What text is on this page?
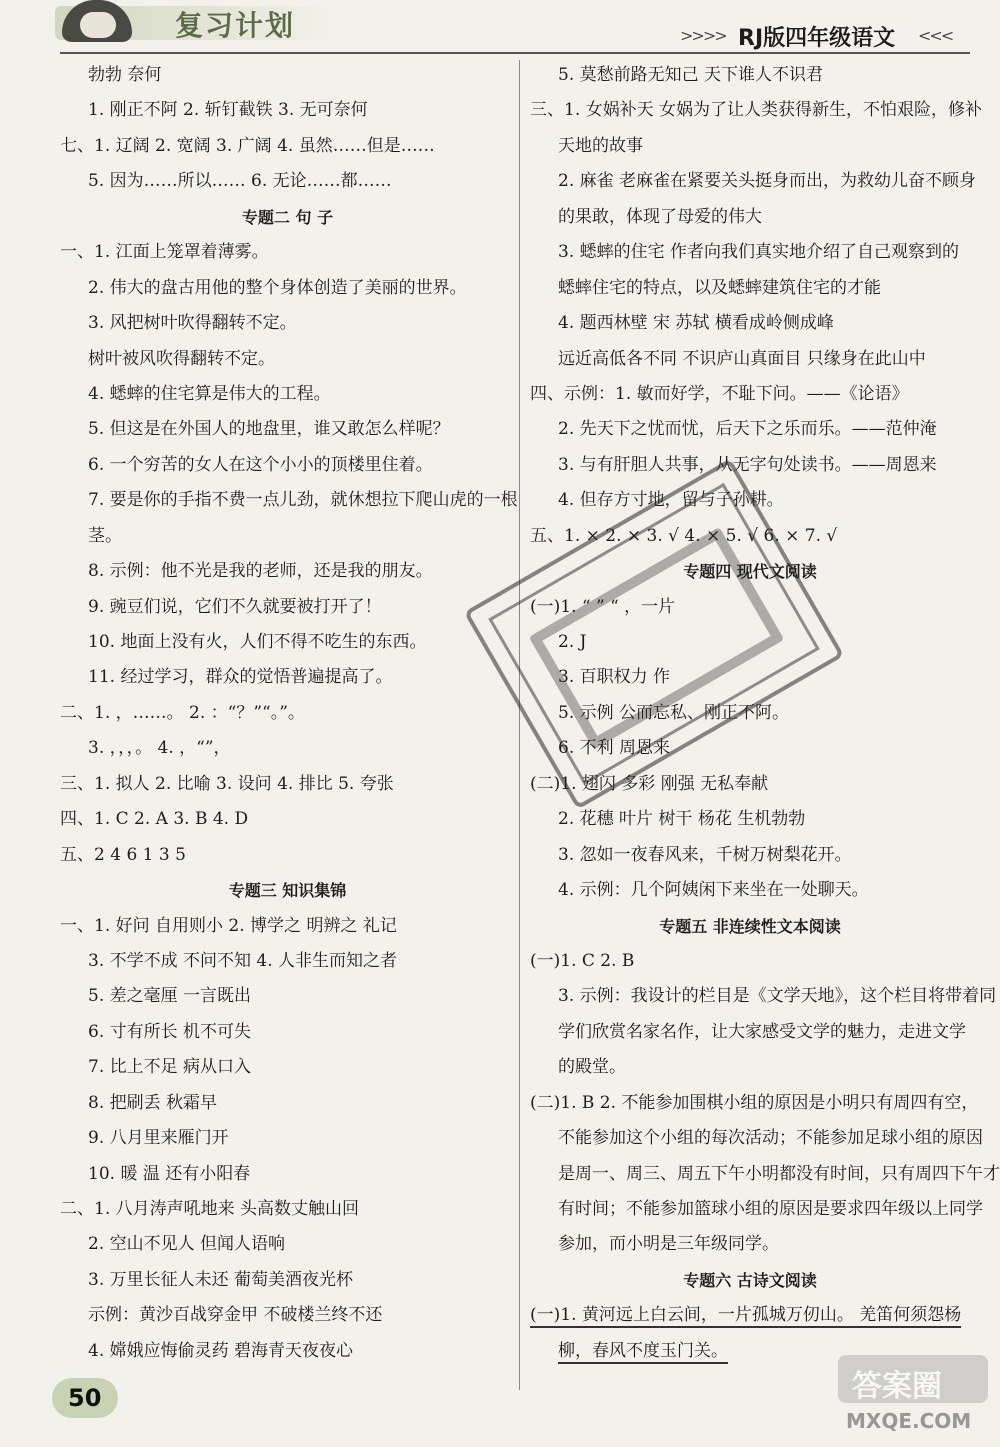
复习计划	>>>> RJ版四年级语文 <<<
勃勃 奈何
1. 刚正不阿 2. 斩钉截铁 3. 无可奈何
七、1. 辽阔 2. 宽阔 3. 广阔 4. 虽然……但是……
5. 因为……所以…… 6. 无论……都……
专题二 句 子
一、1. 江面上笼罩着薄雾。
2. 伟大的盘古用他的整个身体创造了美丽的世界。
3. 风把树叶吹得翻转不定。
树叶被风吹得翻转不定。
4. 蟋蟀的住宅算是伟大的工程。
5. 但这是在外国人的地盘里，谁又敢怎么样呢？
6. 一个穷苦的女人在这个小小的顶楼里住着。
7. 要是你的手指不费一点儿劲，就休想拉下爬山虎的一根
茎。
8. 示例：他不光是我的老师，还是我的朋友。
9. 豌豆们说，它们不久就要被打开了！
10. 地面上没有火，人们不得不吃生的东西。
11. 经过学习，群众的觉悟普遍提高了。
二、1. ，……。 2. ：“？”“。”。
3. ，，，。 4. ，“”，
三、1. 拟人 2. 比喻 3. 设问 4. 排比 5. 夸张
四、1. C 2. A 3. B 4. D
五、2 4 6 1 3 5
专题三 知识集锦
一、1. 好问 自用则小 2. 博学之 明辨之 礼记
3. 不学不成 不问不知 4. 人非生而知之者
5. 差之毫厘 一言既出
6. 寸有所长 机不可失
7. 比上不足 病从口入
8. 把刷丢 秋霜早
9. 八月里来雁门开
10. 暖 温 还有小阳春
二、1. 八月涛声吼地来 头高数丈触山回
2. 空山不见人 但闻人语响
3. 万里长征人未还 葡萄美酒夜光杯
示例：黄沙百战穿金甲 不破楼兰终不还
4. 嫦娥应悔偷灵药 碧海青天夜夜心
5. 莫愁前路无知己 天下谁人不识君
三、1. 女娲补天 女娲为了让人类获得新生，不怕艰险，修补
天地的故事
2. 麻雀 老麻雀在紧要关头挺身而出，为救幼儿奋不顾身
的果敢，体现了母爱的伟大
3. 蟋蟀的住宅 作者向我们真实地介绍了自己观察到的
蟋蟀住宅的特点，以及蟋蟀建筑住宅的才能
4. 题西林壁 宋 苏轼 横看成岭侧成峰
远近高低各不同 不识庐山真面目 只缘身在此山中
四、示例：1. 敏而好学，不耻下问。——《论语》
2. 先天下之忧而忧，后天下之乐而乐。——范仲淹
3. 与有肝胆人共事，从无字句处读书。——周恩来
4. 但存方寸地，留与子孙耕。
五、1. × 2. × 3. √ 4. × 5. √ 6. × 7. √
专题四 现代文阅读
(一)1. “ ” “ ，一片
2. J
3. 百职权力 作
5. 示例 公而忘私、刚正不阿。
6. 不利 周恩来
(二)1. 翅闪 多彩 刚强 无私奉献
2. 花穗 叶片 树干 杨花 生机勃勃
3. 忽如一夜春风来，千树万树梨花开。
4. 示例：几个阿姨闲下来坐在一处聊天。
专题五 非连续性文本阅读
(一)1. C 2. B
3. 示例：我设计的栏目是《文学天地》，这个栏目将带着同
学们欣赏名家名作，让大家感受文学的魅力，走进文学
的殿堂。
(二)1. B 2. 不能参加围棋小组的原因是小明只有周四有空，
不能参加这个小组的每次活动；不能参加足球小组的原因
是周一、周三、周五下午小明都没有时间，只有周四下午才
有时间；不能参加篮球小组的原因是要求四年级以上同学
参加，而小明是三年级同学。
专题六 古诗文阅读
(一)1. 黄河远上白云间，一片孤城万仞山。 羌笛何须怨杨
柳，春风不度玉门关。
50	答案圈
MXQE.COM
